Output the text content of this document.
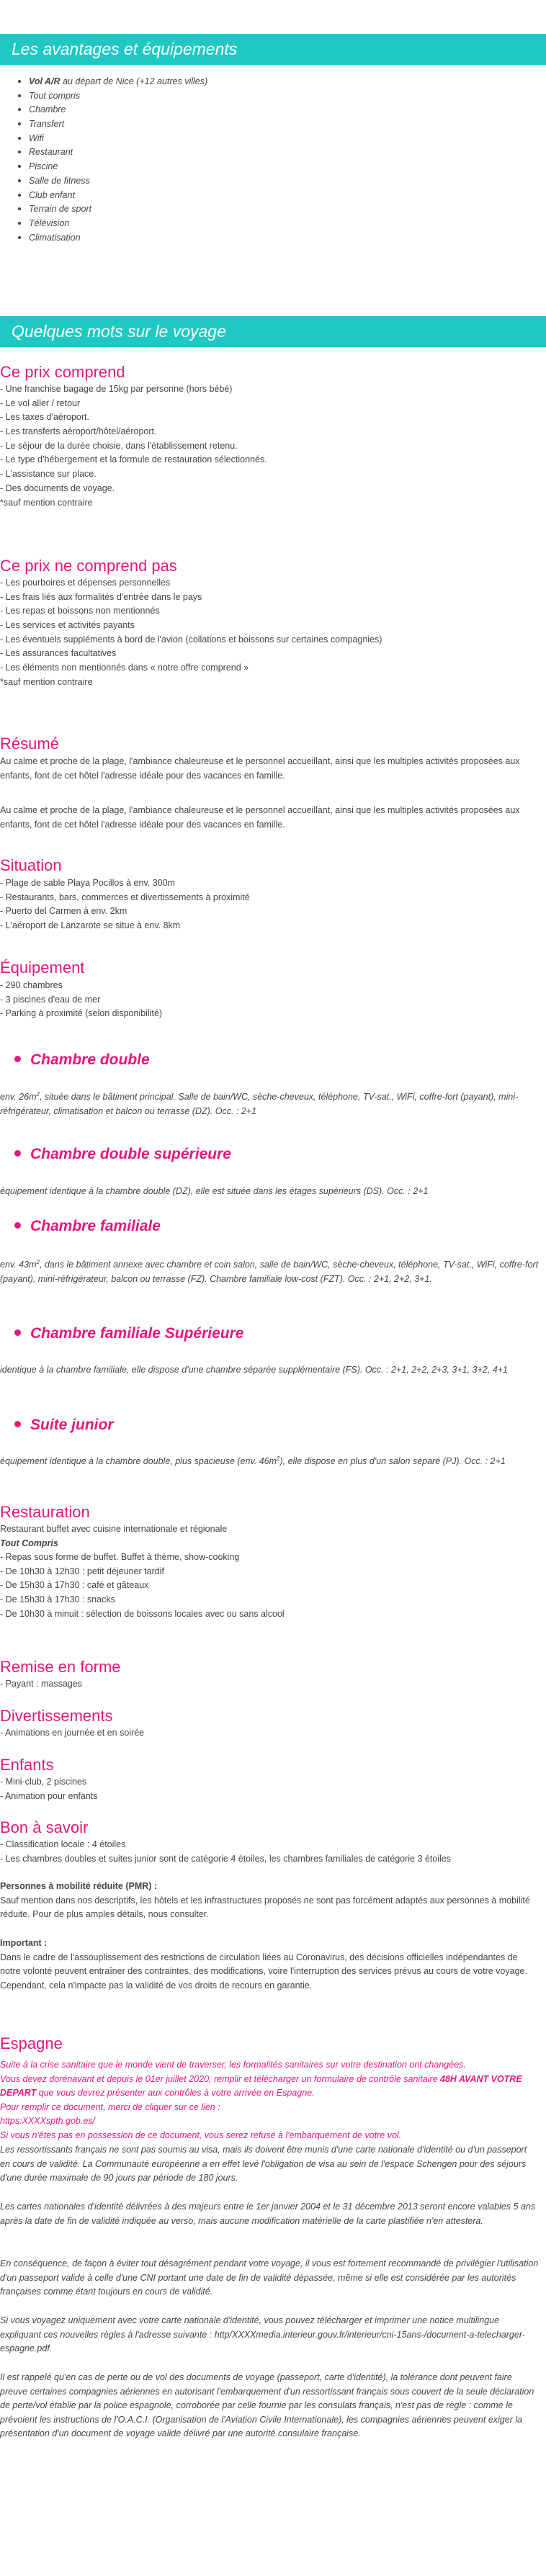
Les avantages et équipements
• Vol A/R au départ de Nice (+12 autres villes)
• Tout compris
• Chambre
• Transfert
• Wifi
• Restaurant
• Piscine
• Salle de fitness
• Club enfant
• Terrain de sport
• Télévision
• Climatisation
Quelques mots sur le voyage
Ce prix comprend
- Une franchise bagage de 15kg par personne (hors bébé)
- Le vol aller / retour
- Les taxes d'aéroport.
- Les transferts aéroport/hôtel/aéroport.
- Le séjour de la durée choisie, dans l'établissement retenu.
- Le type d'hébergement et la formule de restauration sélectionnés.
- L'assistance sur place.
- Des documents de voyage.
*sauf mention contraire
Ce prix ne comprend pas
- Les pourboires et dépenses personnelles
- Les frais liés aux formalités d'entrée dans le pays
- Les repas et boissons non mentionnés
- Les services et activités payants
- Les éventuels suppléments à bord de l'avion (collations et boissons sur certaines compagnies)
- Les assurances facultatives
- Les éléments non mentionnés dans « notre offre comprend »
*sauf mention contraire
Résumé

Au calme et proche de la plage, l'ambiance chaleureuse et le personnel accueillant, ainsi que les multiples activités proposées aux enfants, font de cet hôtel l'adresse idéale pour des vacances en famille.

Au calme et proche de la plage, l'ambiance chaleureuse et le personnel accueillant, ainsi que les multiples activités proposées aux enfants, font de cet hôtel l'adresse idéale pour des vacances en famille.

Situation
- Plage de sable Playa Pocillos à env. 300m
- Restaurants, bars, commerces et divertissements à proximité
- Puerto del Carmen à env. 2km
- L'aéroport de Lanzarote se situe à env. 8km
Équipement
- 290 chambres
- 3 piscines d'eau de mer
- Parking à proximité (selon disponibilité)
Chambre double

env. $26m^2$, située dans le bâtiment principal. Salle de bain/WC, sèche-cheveux, téléphone, TV-sat., WiFi, coffre-fort (payant), mini-réfrigérateur, climatisation et balcon ou terrasse (DZ). Occ. : 2+1

Chambre double supérieure

équipement identique à la chambre double (DZ), elle est située dans les étages supérieurs (DS). Occ. : 2+1

Chambre familiale

env. $43m^2$, dans le bâtiment annexe avec chambre et coin salon, salle de bain/WC, sèche-cheveux, téléphone, TV-sat., WiFi, coffre-fort (payant), mini-réfrigérateur, balcon ou terrasse (FZ). Chambre familiale low-cost (FZT). Occ. : 2+1, 2+2, 3+1.

Chambre familiale Supérieure

identique à la chambre familiale, elle dispose d'une chambre séparée supplémentaire (FS). Occ. : 2+1, 2+2, 2+3, 3+1, 3+2, 4+1

Suite junior

équipement identique à la chambre double, plus spacieuse (env. $46m^2$), elle dispose en plus d'un salon séparé (PJ). Occ. : 2+1

Restauration
Restaurant buffet avec cuisine internationale et régionale
Tout Compris
- Repas sous forme de buffet. Buffet à thème, show-cooking
- De 10h30 à 12h30 : petit déjeuner tardif
- De 15h30 à 17h30 : café et gâteaux
- De 15h30 à 17h30 : snacks
- De 10h30 à minuit : sélection de boissons locales avec ou sans alcool
Remise en forme
- Payant : massages
Divertissements
- Animations en journée et en soirée
Enfants
- Mini-club, 2 piscines
- Animation pour enfants
Bon à savoir
- Classification locale : 4 étoiles
- Les chambres doubles et suites junior sont de catégorie 4 étoiles, les chambres familiales de catégorie 3 étoiles

Personnes à mobilité réduite (PMR) :
Sauf mention dans nos descriptifs, les hôtels et les infrastructures proposés ne sont pas forcément adaptés aux personnes à mobilité réduite. Pour de plus amples détails, nous consulter.

Important :
Dans le cadre de l'assouplissement des restrictions de circulation liées au Coronavirus, des décisions officielles indépendantes de notre volonté peuvent entraîner des contraintes, des modifications, voire l'interruption des services prévus au cours de votre voyage.
Cependant, cela n'impacte pas la validité de vos droits de recours en garantie.

Espagne

Suite à la crise sanitaire que le monde vient de traverser, les formalités sanitaires sur votre destination ont changées.
Vous devez dorénavant et depuis le 01er juillet 2020, remplir et télécharger un formulaire de contrôle sanitaire 48H AVANT VOTRE DEPART que vous devrez présenter aux contrôles à votre arrivée en Espagne.
Pour remplir ce document, merci de cliquer sur ce lien :
https:XXXXspth.gob.es/
Si vous n'êtes pas en possession de ce document, vous serez refusé à l'embarquement de votre vol.

Les ressortissants français ne sont pas soumis au visa, mais ils doivent être munis d'une carte nationale d'identité ou d'un passeport en cours de validité. La Communauté européenne a en effet levé l'obligation de visa au sein de l'espace Schengen pour des séjours d'une durée maximale de 90 jours par période de 180 jours.

Les cartes nationales d'identité délivrées à des majeurs entre le 1er janvier 2004 et le 31 décembre 2013 seront encore valables 5 ans après la date de fin de validité indiquée au verso, mais aucune modification matérielle de la carte plastifiée n'en attestera.

En conséquence, de façon à éviter tout désagrément pendant votre voyage, il vous est fortement recommandé de privilégier l'utilisation d'un passeport valide à celle d'une CNI portant une date de fin de validité dépassée, même si elle est considérée par les autorités françaises comme étant toujours en cours de validité.

Si vous voyagez uniquement avec votre carte nationale d'identité, vous pouvez télécharger et imprimer une notice multilingue expliquant ces nouvelles règles à l'adresse suivante : http/XXXXmedia.interieur.gouv.fr/interieur/cni-15ans-/document-a-telecharger-espagne.pdf.

Il est rappelé qu'en cas de perte ou de vol des documents de voyage (passeport, carte d'identité), la tolérance dont peuvent faire preuve certaines compagnies aériennes en autorisant l'embarquement d'un ressortissant français sous couvert de la seule déclaration de perte/vol établie par la police espagnole, corroborée par celle fournie par les consulats français, n'est pas de règle : comme le prévoient les instructions de l'O.A.C.I. (Organisation de l'Aviation Civile Internationale), les compagnies aériennes peuvent exiger la présentation d'un document de voyage valide délivré par une autorité consulaire française.
